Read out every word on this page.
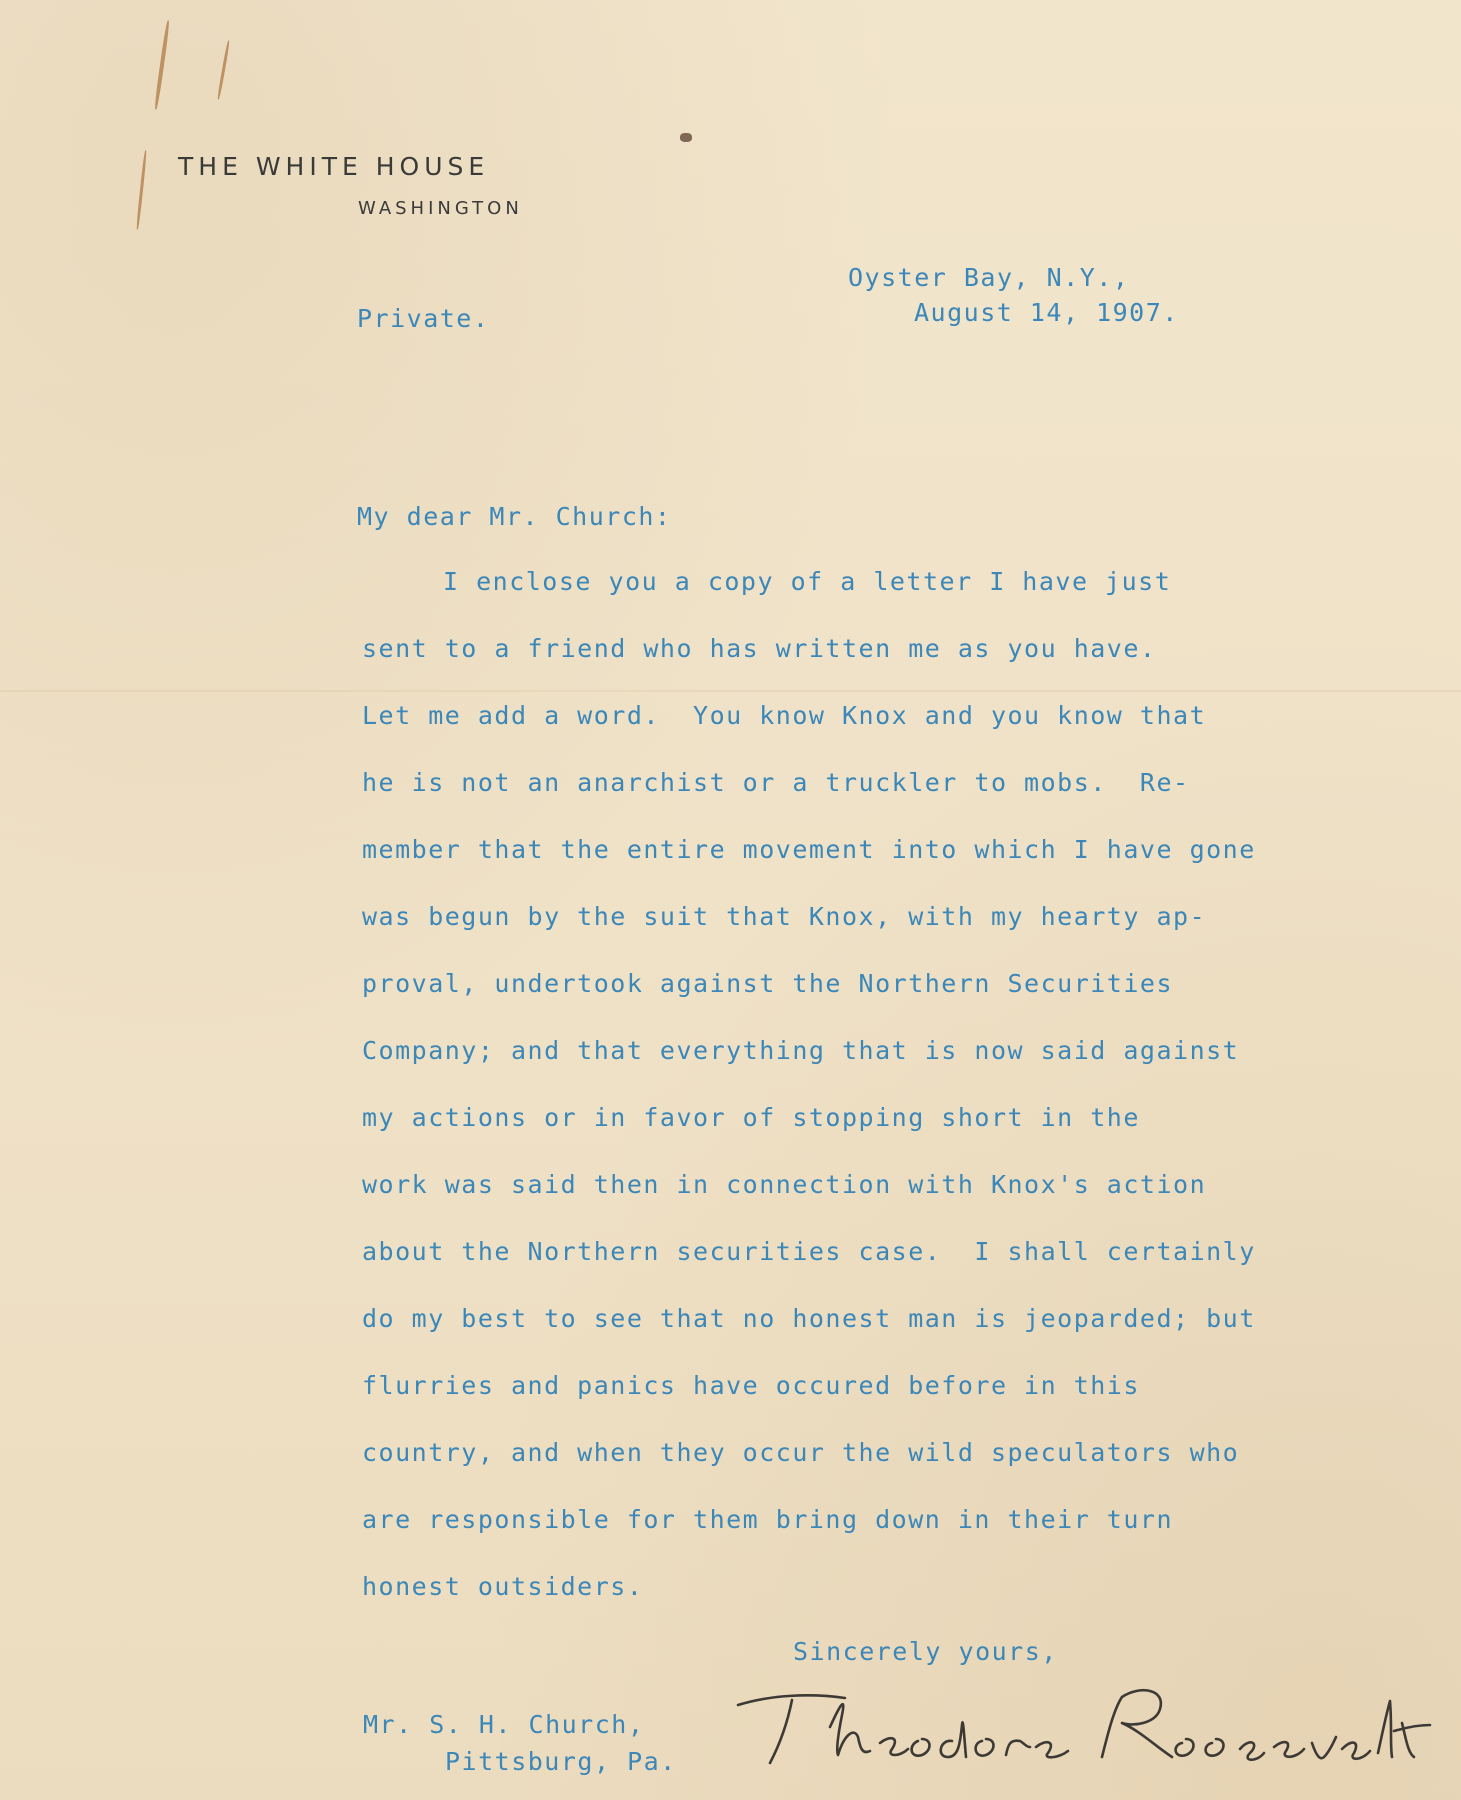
THE WHITE HOUSE
WASHINGTON
Oyster Bay, N.Y.,
August 14, 1907.
Private.
My dear Mr. Church:
I enclose you a copy of a letter I have just
sent to a friend who has written me as you have.
Let me add a word.  You know Knox and you know that
he is not an anarchist or a truckler to mobs.  Re-
member that the entire movement into which I have gone
was begun by the suit that Knox, with my hearty ap-
proval, undertook against the Northern Securities
Company; and that everything that is now said against
my actions or in favor of stopping short in the
work was said then in connection with Knox's action
about the Northern securities case.  I shall certainly
do my best to see that no honest man is jeoparded; but
flurries and panics have occured before in this
country, and when they occur the wild speculators who
are responsible for them bring down in their turn
honest outsiders.
Sincerely yours,
Mr. S. H. Church,
Pittsburg, Pa.
